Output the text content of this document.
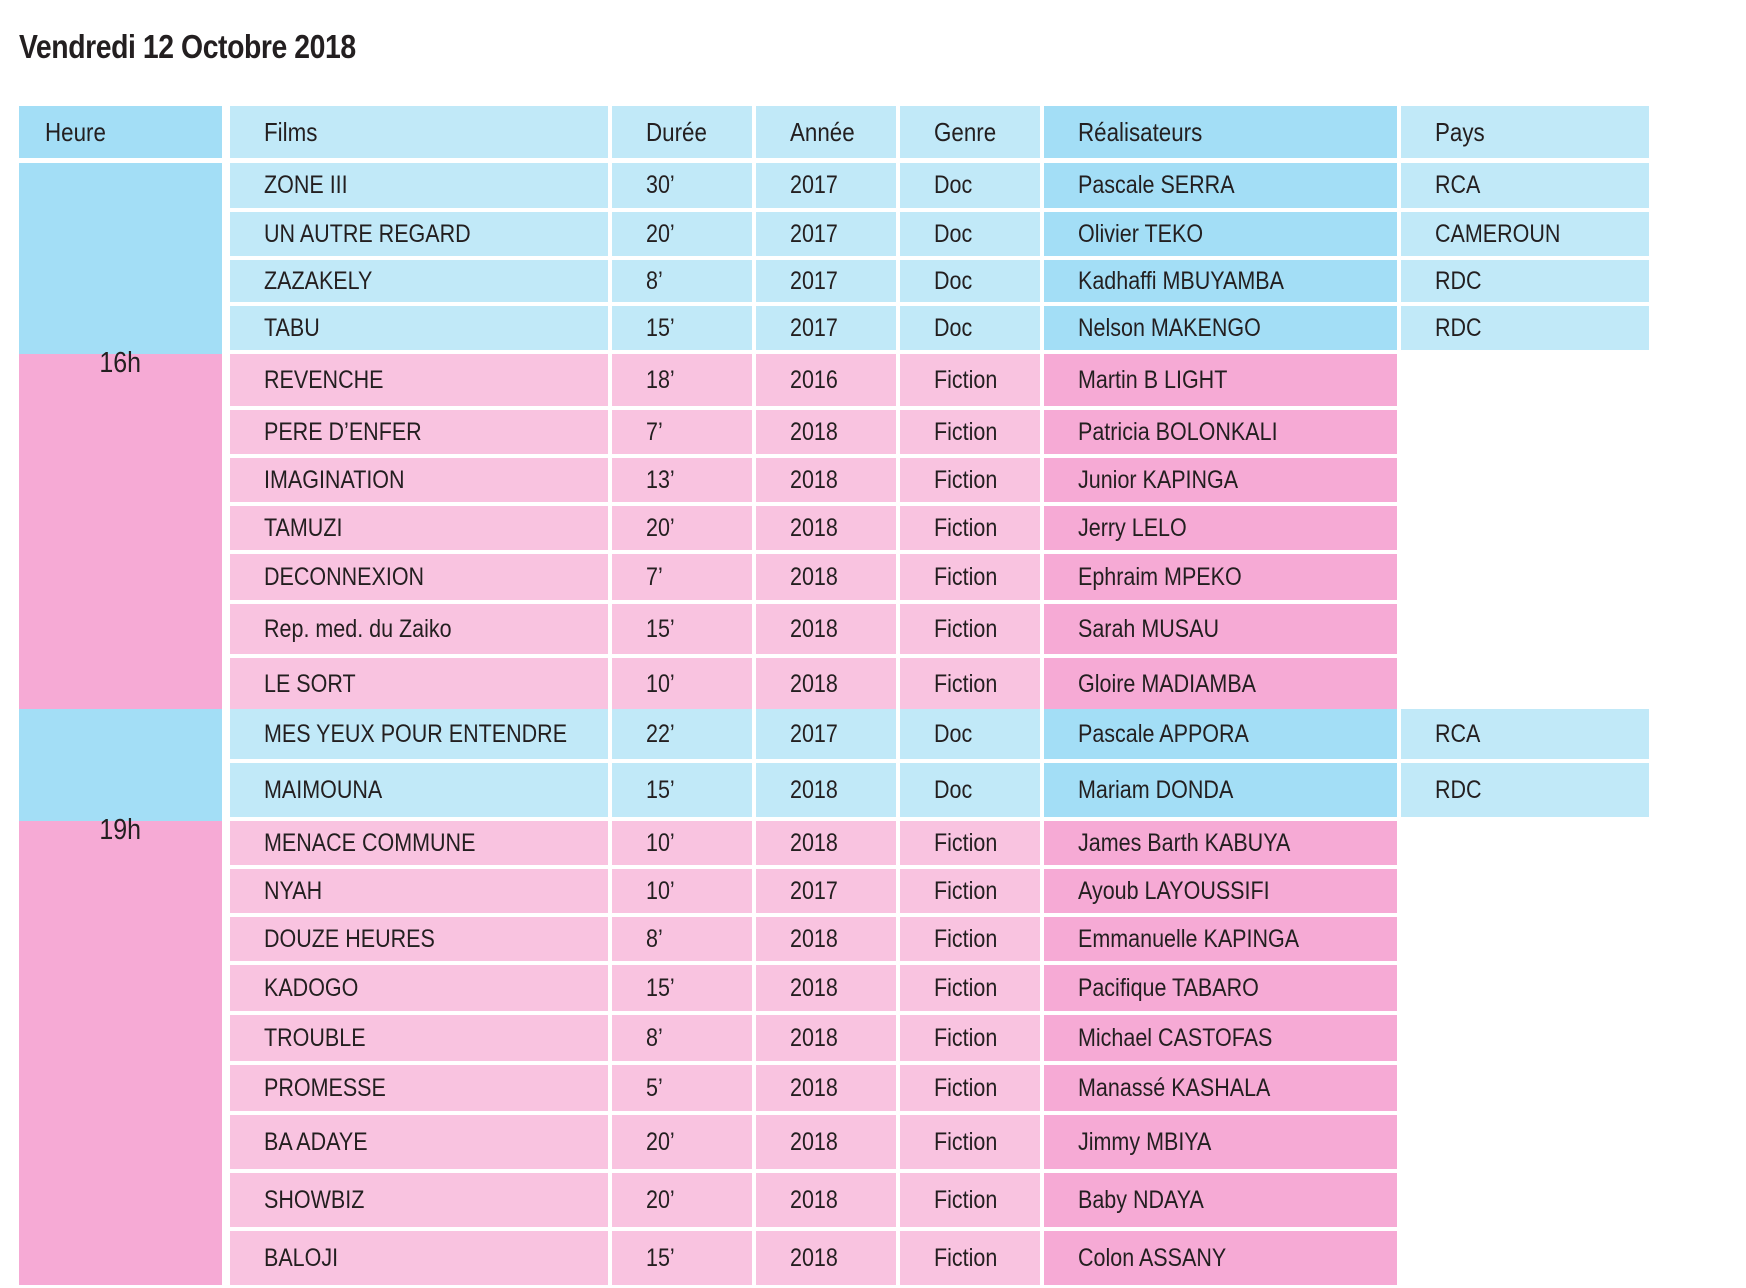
Vendredi 12 Octobre 2018
Heure	Films	Durée	Année	Genre	Réalisateurs	Pays
ZONE III	30’	2017	Doc	Pascale SERRA	RCA
UN AUTRE REGARD	20’	2017	Doc	Olivier TEKO	CAMEROUN
ZAZAKELY	8’	2017	Doc	Kadhaffi MBUYAMBA	RDC
TABU	15’	2017	Doc	Nelson MAKENGO	RDC
REVENCHE	18’	2016	Fiction	Martin B LIGHT
PERE D’ENFER	7’	2018	Fiction	Patricia BOLONKALI
IMAGINATION	13’	2018	Fiction	Junior KAPINGA
TAMUZI	20’	2018	Fiction	Jerry LELO
DECONNEXION	7’	2018	Fiction	Ephraim MPEKO
Rep. med. du Zaiko	15’	2018	Fiction	Sarah MUSAU
LE SORT	10’	2018	Fiction	Gloire MADIAMBA
16h
MES YEUX POUR ENTENDRE	22’	2017	Doc	Pascale APPORA	RCA
MAIMOUNA	15’	2018	Doc	Mariam DONDA	RDC
MENACE COMMUNE	10’	2018	Fiction	James Barth KABUYA
NYAH	10’	2017	Fiction	Ayoub LAYOUSSIFI
DOUZE HEURES	8’	2018	Fiction	Emmanuelle KAPINGA
KADOGO	15’	2018	Fiction	Pacifique TABARO
TROUBLE	8’	2018	Fiction	Michael CASTOFAS
PROMESSE	5’	2018	Fiction	Manassé KASHALA
BA ADAYE	20’	2018	Fiction	Jimmy MBIYA
SHOWBIZ	20’	2018	Fiction	Baby NDAYA
BALOJI	15’	2018	Fiction	Colon ASSANY
19h
